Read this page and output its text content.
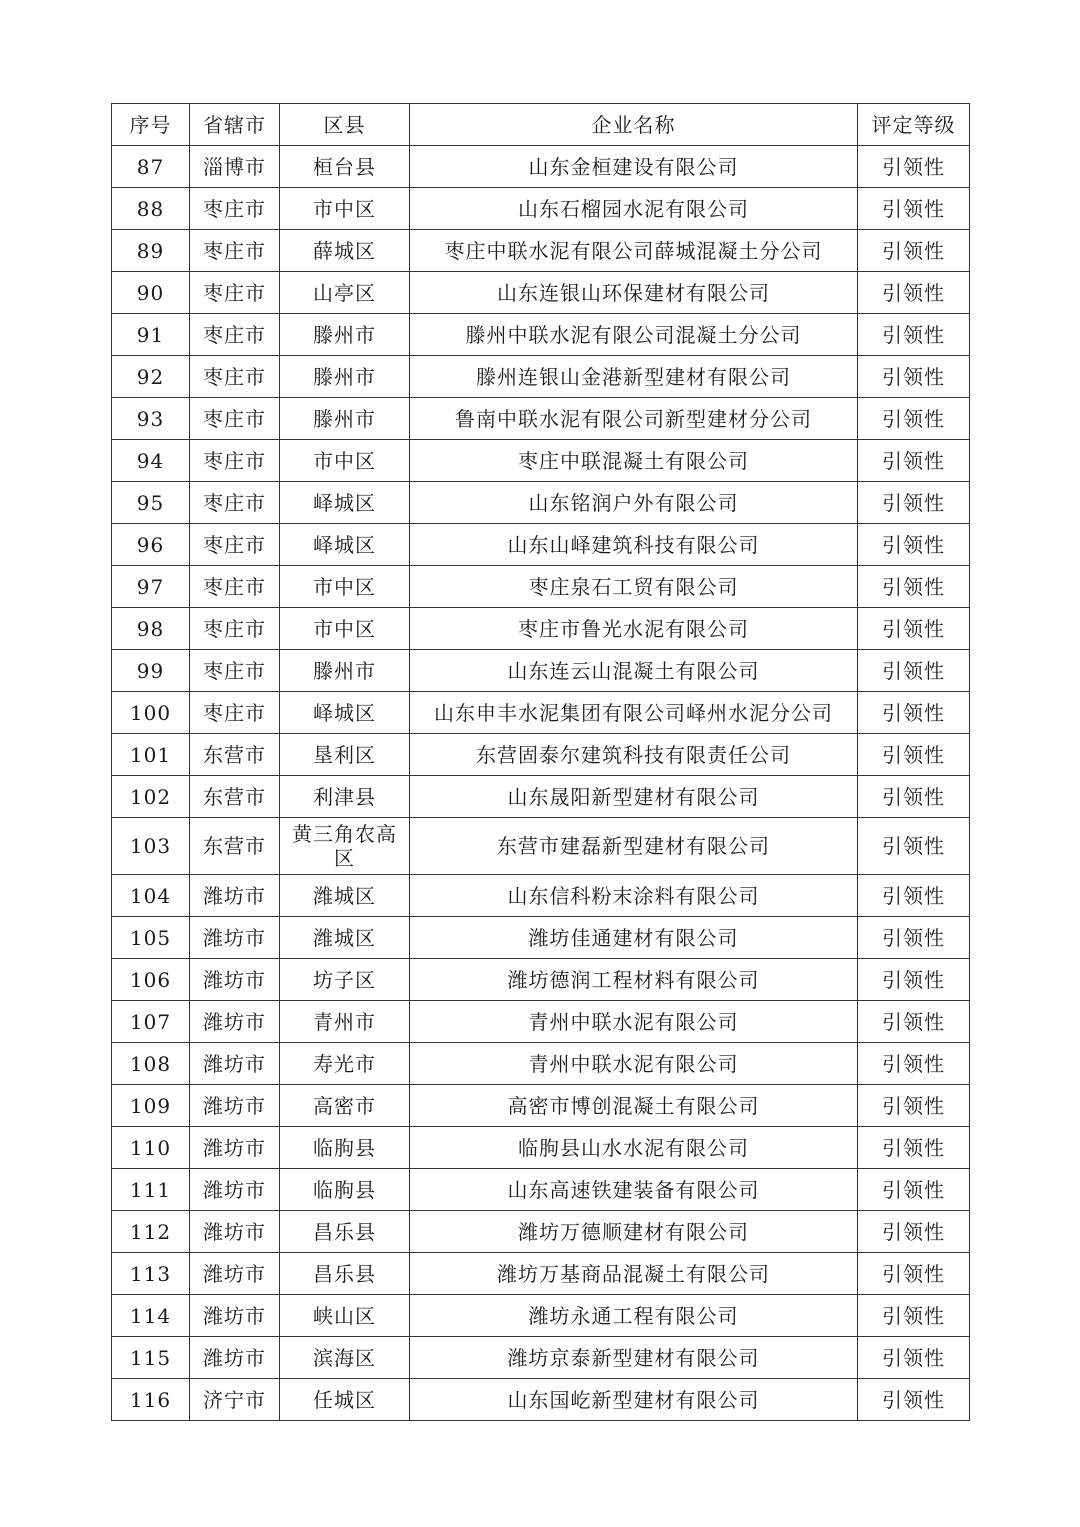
序号	省辖市	区县	企业名称	评定等级
87	淄博市	桓台县	山东金桓建设有限公司	引领性
88	枣庄市	市中区	山东石榴园水泥有限公司	引领性
89	枣庄市	薛城区	枣庄中联水泥有限公司薛城混凝土分公司	引领性
90	枣庄市	山亭区	山东连银山环保建材有限公司	引领性
91	枣庄市	滕州市	滕州中联水泥有限公司混凝土分公司	引领性
92	枣庄市	滕州市	滕州连银山金港新型建材有限公司	引领性
93	枣庄市	滕州市	鲁南中联水泥有限公司新型建材分公司	引领性
94	枣庄市	市中区	枣庄中联混凝土有限公司	引领性
95	枣庄市	峄城区	山东铭润户外有限公司	引领性
96	枣庄市	峄城区	山东山峄建筑科技有限公司	引领性
97	枣庄市	市中区	枣庄泉石工贸有限公司	引领性
98	枣庄市	市中区	枣庄市鲁光水泥有限公司	引领性
99	枣庄市	滕州市	山东连云山混凝土有限公司	引领性
100	枣庄市	峄城区	山东申丰水泥集团有限公司峄州水泥分公司	引领性
101	东营市	垦利区	东营固泰尔建筑科技有限责任公司	引领性
102	东营市	利津县	山东晟阳新型建材有限公司	引领性
103	东营市	黄三角农高区	东营市建磊新型建材有限公司	引领性
104	潍坊市	潍城区	山东信科粉末涂料有限公司	引领性
105	潍坊市	潍城区	潍坊佳通建材有限公司	引领性
106	潍坊市	坊子区	潍坊德润工程材料有限公司	引领性
107	潍坊市	青州市	青州中联水泥有限公司	引领性
108	潍坊市	寿光市	青州中联水泥有限公司	引领性
109	潍坊市	高密市	高密市博创混凝土有限公司	引领性
110	潍坊市	临朐县	临朐县山水水泥有限公司	引领性
111	潍坊市	临朐县	山东高速铁建装备有限公司	引领性
112	潍坊市	昌乐县	潍坊万德顺建材有限公司	引领性
113	潍坊市	昌乐县	潍坊万基商品混凝土有限公司	引领性
114	潍坊市	峡山区	潍坊永通工程有限公司	引领性
115	潍坊市	滨海区	潍坊京泰新型建材有限公司	引领性
116	济宁市	任城区	山东国屹新型建材有限公司	引领性
